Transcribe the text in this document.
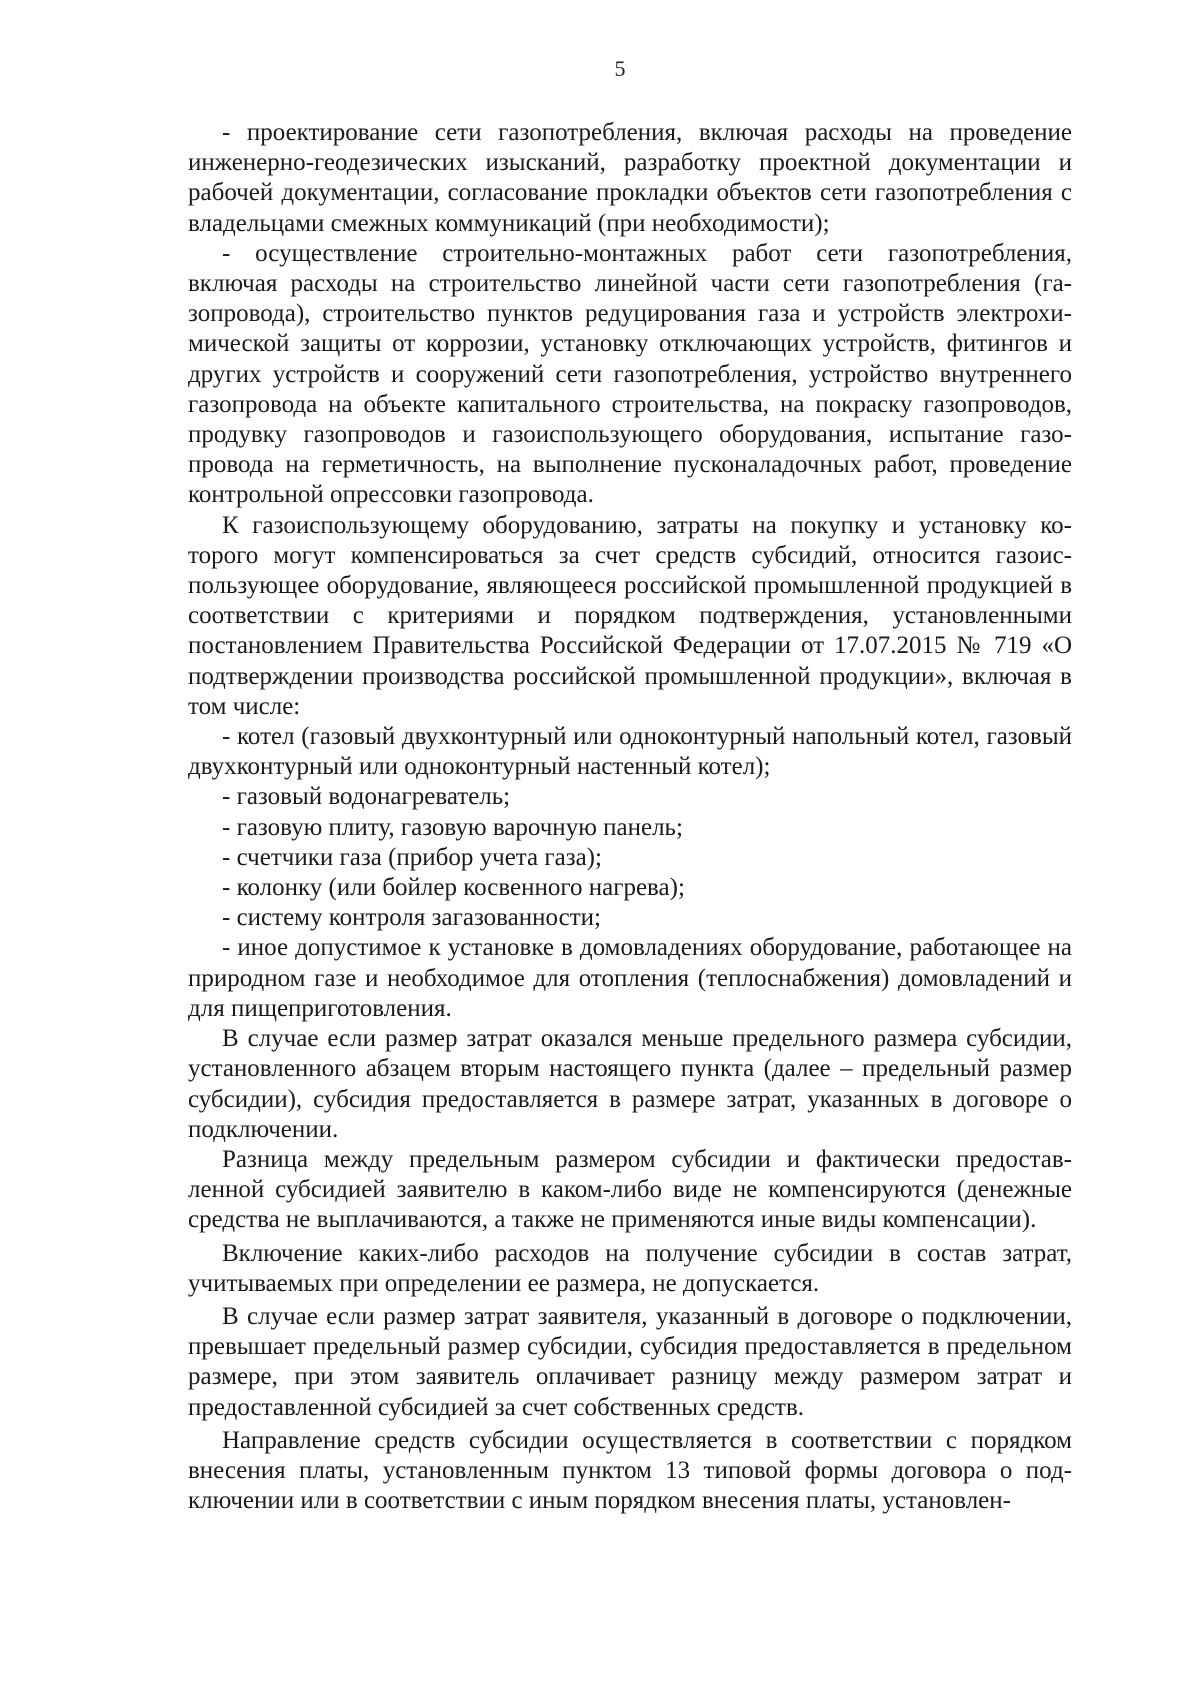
5

- проектирование сети газопотребления, включая расходы на проведение инженерно-геодезических изысканий, разработку проектной документации и рабочей документации, согласование прокладки объектов сети газопотребления с владельцами смежных коммуникаций (при необходимости);

- осуществление строительно-монтажных работ сети газопотребления, включая расходы на строительство линейной части сети газопотребления (газопровода), строительство пунктов редуцирования газа и устройств электрохимической защиты от коррозии, установку отключающих устройств, фитингов и других устройств и сооружений сети газопотребления, устройство внутреннего газопровода на объекте капитального строительства, на покраску газопроводов, продувку газопроводов и газоиспользующего оборудования, испытание газопровода на герметичность, на выполнение пусконаладочных работ, проведение контрольной опрессовки газопровода.

К газоиспользующему оборудованию, затраты на покупку и установку которого могут компенсироваться за счет средств субсидий, относится газоиспользующее оборудование, являющееся российской промышленной продукцией в соответствии с критериями и порядком подтверждения, установленными постановлением Правительства Российской Федерации от 17.07.2015 № 719 «О подтверждении производства российской промышленной продукции», включая в том числе:

- котел (газовый двухконтурный или одноконтурный напольный котел, газовый двухконтурный или одноконтурный настенный котел);

- газовый водонагреватель;

- газовую плиту, газовую варочную панель;

- счетчики газа (прибор учета газа);

- колонку (или бойлер косвенного нагрева);

- систему контроля загазованности;

- иное допустимое к установке в домовладениях оборудование, работающее на природном газе и необходимое для отопления (теплоснабжения) домовладений и для пищеприготовления.

В случае если размер затрат оказался меньше предельного размера субсидии, установленного абзацем вторым настоящего пункта (далее – предельный размер субсидии), субсидия предоставляется в размере затрат, указанных в договоре о подключении.

Разница между предельным размером субсидии и фактически предоставленной субсидией заявителю в каком-либо виде не компенсируются (денежные средства не выплачиваются, а также не применяются иные виды компенсации).

Включение каких-либо расходов на получение субсидии в состав затрат, учитываемых при определении ее размера, не допускается.

В случае если размер затрат заявителя, указанный в договоре о подключении, превышает предельный размер субсидии, субсидия предоставляется в предельном размере, при этом заявитель оплачивает разницу между размером затрат и предоставленной субсидией за счет собственных средств.

Направление средств субсидии осуществляется в соответствии с порядком внесения платы, установленным пунктом 13 типовой формы договора о подключении или в соответствии с иным порядком внесения платы, установлен-
